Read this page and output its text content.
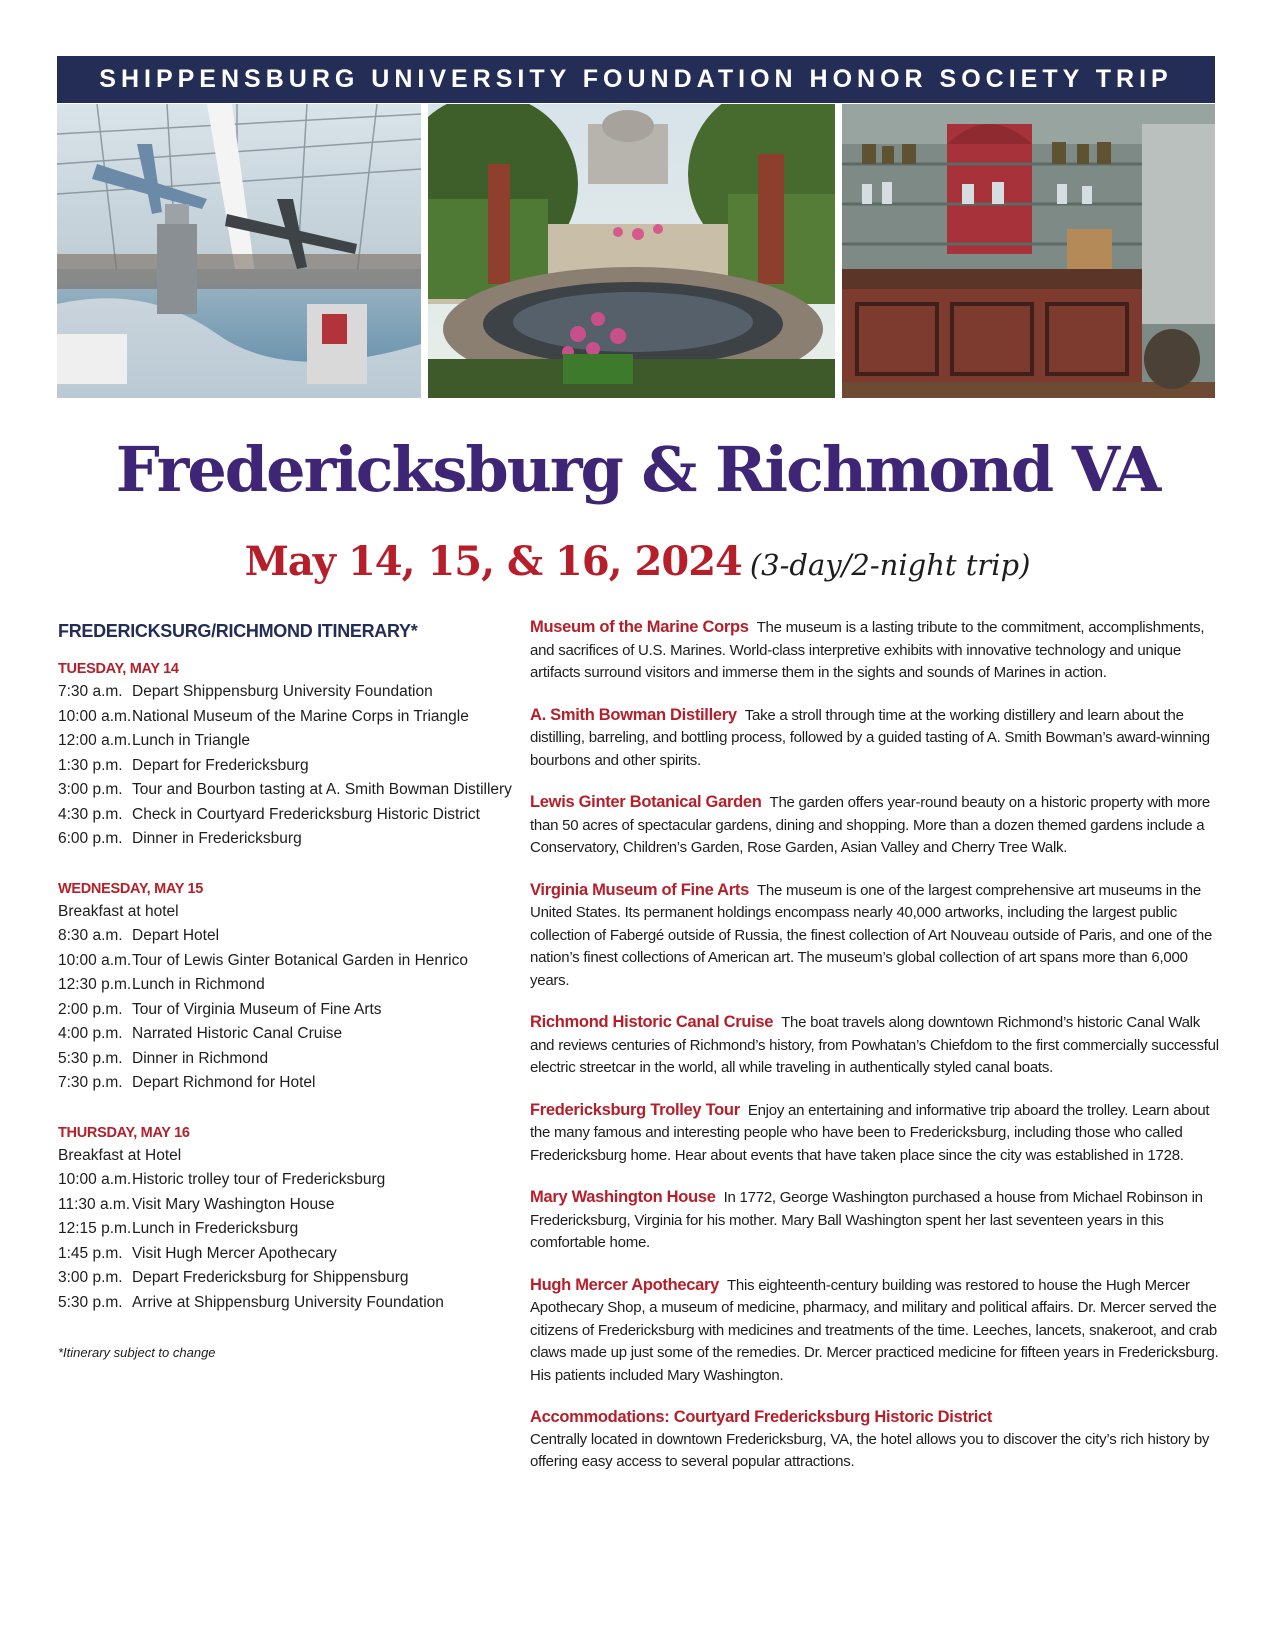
SHIPPENSBURG UNIVERSITY FOUNDATION HONOR SOCIETY TRIP
Fredericksburg & Richmond VA
May 14, 15, & 16, 2024 (3-day/2-night trip)
FREDERICKSURG/RICHMOND ITINERARY*
TUESDAY, MAY 14
7:30 a.m. Depart Shippensburg University Foundation
10:00 a.m. National Museum of the Marine Corps in Triangle
12:00 a.m. Lunch in Triangle
1:30 p.m. Depart for Fredericksburg
3:00 p.m. Tour and Bourbon tasting at A. Smith Bowman Distillery
4:30 p.m. Check in Courtyard Fredericksburg Historic District
6:00 p.m. Dinner in Fredericksburg
WEDNESDAY, MAY 15
Breakfast at hotel
8:30 a.m. Depart Hotel
10:00 a.m. Tour of Lewis Ginter Botanical Garden in Henrico
12:30 p.m. Lunch in Richmond
2:00 p.m. Tour of Virginia Museum of Fine Arts
4:00 p.m. Narrated Historic Canal Cruise
5:30 p.m. Dinner in Richmond
7:30 p.m. Depart Richmond for Hotel
THURSDAY, MAY 16
Breakfast at Hotel
10:00 a.m. Historic trolley tour of Fredericksburg
11:30 a.m. Visit Mary Washington House
12:15 p.m. Lunch in Fredericksburg
1:45 p.m. Visit Hugh Mercer Apothecary
3:00 p.m. Depart Fredericksburg for Shippensburg
5:30 p.m. Arrive at Shippensburg University Foundation
*Itinerary subject to change
Museum of the Marine Corps The museum is a lasting tribute to the commitment, accomplishments, and sacrifices of U.S. Marines. World-class interpretive exhibits with innovative technology and unique artifacts surround visitors and immerse them in the sights and sounds of Marines in action.
A. Smith Bowman Distillery Take a stroll through time at the working distillery and learn about the distilling, barreling, and bottling process, followed by a guided tasting of A. Smith Bowman’s award-winning bourbons and other spirits.
Lewis Ginter Botanical Garden The garden offers year-round beauty on a historic property with more than 50 acres of spectacular gardens, dining and shopping. More than a dozen themed gardens include a Conservatory, Children’s Garden, Rose Garden, Asian Valley and Cherry Tree Walk.
Virginia Museum of Fine Arts The museum is one of the largest comprehensive art museums in the United States. Its permanent holdings encompass nearly 40,000 artworks, including the largest public collection of Fabergé outside of Russia, the finest collection of Art Nouveau outside of Paris, and one of the nation’s finest collections of American art. The museum’s global collection of art spans more than 6,000 years.
Richmond Historic Canal Cruise The boat travels along downtown Richmond’s historic Canal Walk and reviews centuries of Richmond’s history, from Powhatan’s Chiefdom to the first commercially successful electric streetcar in the world, all while traveling in authentically styled canal boats.
Fredericksburg Trolley Tour Enjoy an entertaining and informative trip aboard the trolley. Learn about the many famous and interesting people who have been to Fredericksburg, including those who called Fredericksburg home. Hear about events that have taken place since the city was established in 1728.
Mary Washington House In 1772, George Washington purchased a house from Michael Robinson in Fredericksburg, Virginia for his mother. Mary Ball Washington spent her last seventeen years in this comfortable home.
Hugh Mercer Apothecary This eighteenth-century building was restored to house the Hugh Mercer Apothecary Shop, a museum of medicine, pharmacy, and military and political affairs. Dr. Mercer served the citizens of Fredericksburg with medicines and treatments of the time. Leeches, lancets, snakeroot, and crab claws made up just some of the remedies. Dr. Mercer practiced medicine for fifteen years in Fredericksburg. His patients included Mary Washington.
Accommodations: Courtyard Fredericksburg Historic District
Centrally located in downtown Fredericksburg, VA, the hotel allows you to discover the city’s rich history by offering easy access to several popular attractions.
